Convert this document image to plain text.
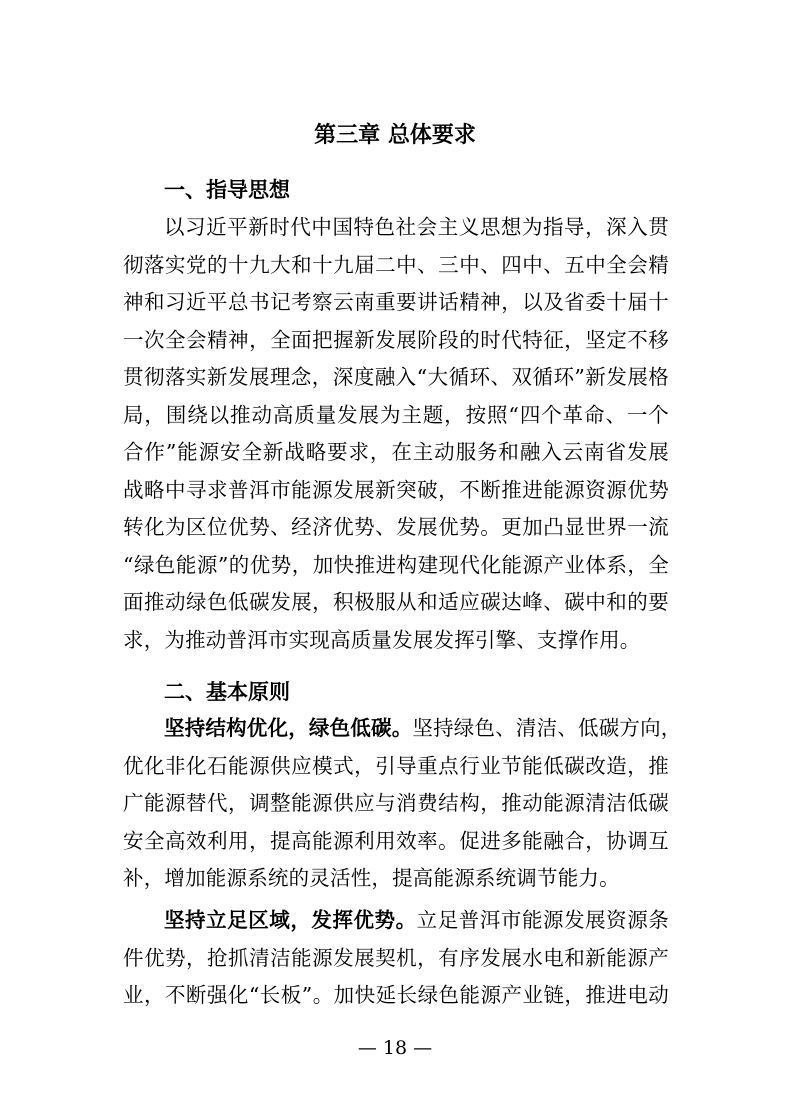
第三章 总体要求
一、指导思想
以习近平新时代中国特色社会主义思想为指导，深入贯
彻落实党的十九大和十九届二中、三中、四中、五中全会精
神和习近平总书记考察云南重要讲话精神，以及省委十届十
一次全会精神，全面把握新发展阶段的时代特征，坚定不移
贯彻落实新发展理念，深度融入“大循环、双循环”新发展格
局，围绕以推动高质量发展为主题，按照“四个革命、一个
合作”能源安全新战略要求，在主动服务和融入云南省发展
战略中寻求普洱市能源发展新突破，不断推进能源资源优势
转化为区位优势、经济优势、发展优势。更加凸显世界一流
“绿色能源”的优势，加快推进构建现代化能源产业体系，全
面推动绿色低碳发展，积极服从和适应碳达峰、碳中和的要
求，为推动普洱市实现高质量发展发挥引擎、支撑作用。
二、基本原则
坚持结构优化，绿色低碳。坚持绿色、清洁、低碳方向，
优化非化石能源供应模式，引导重点行业节能低碳改造，推
广能源替代，调整能源供应与消费结构，推动能源清洁低碳
安全高效利用，提高能源利用效率。促进多能融合，协调互
补，增加能源系统的灵活性，提高能源系统调节能力。
坚持立足区域，发挥优势。立足普洱市能源发展资源条
件优势，抢抓清洁能源发展契机，有序发展水电和新能源产
业，不断强化“长板”。加快延长绿色能源产业链，推进电动
— 18 —
